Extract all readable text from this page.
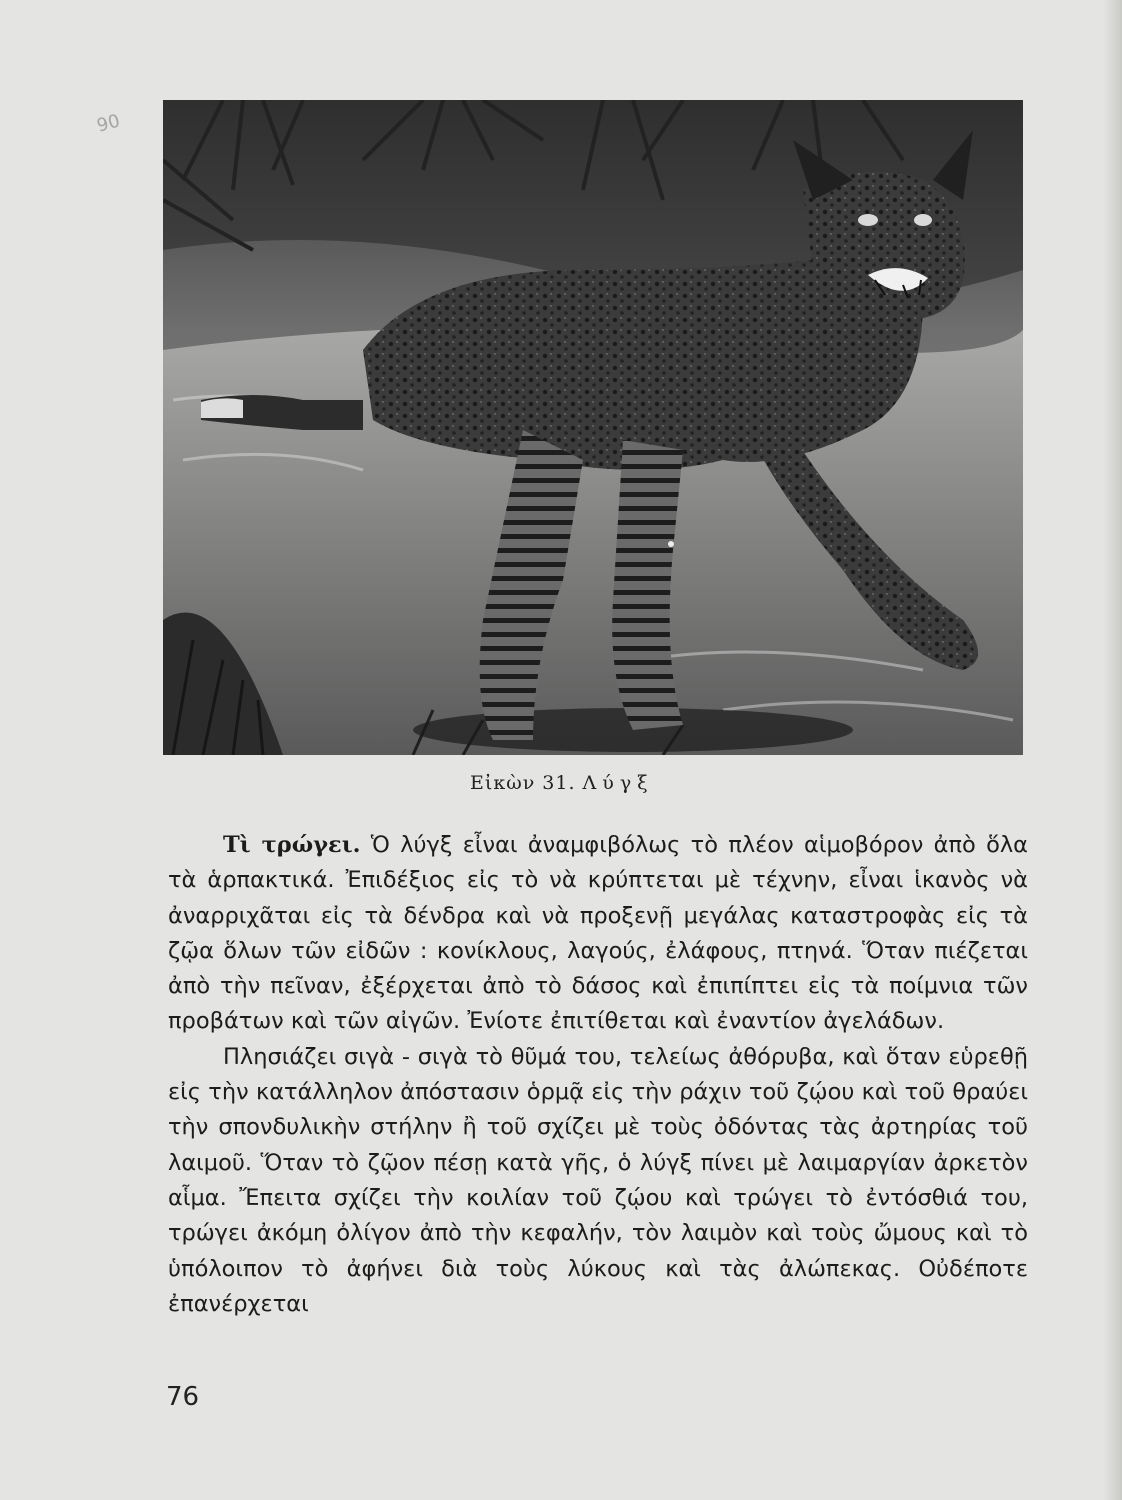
90
Εἰκὼν 31. Λύγξ

Τὶ τρώγει. Ὁ λύγξ εἶναι ἀναμφιβόλως τὸ πλέον αἱμοβόρον ἀπὸ ὅλα τὰ ἁρπακτικά. Ἐπιδέξιος εἰς τὸ νὰ κρύπτεται μὲ τέχνην, εἶναι ἱκανὸς νὰ ἀναρριχᾶται εἰς τὰ δένδρα καὶ νὰ προξενῇ μεγάλας καταστροφὰς εἰς τὰ ζῷα ὅλων τῶν εἰδῶν : κονίκλους, λαγούς, ἐλάφους, πτηνά. Ὅταν πιέζεται ἀπὸ τὴν πεῖναν, ἐξέρχεται ἀπὸ τὸ δάσος καὶ ἐπιπίπτει εἰς τὰ ποίμνια τῶν προβάτων καὶ τῶν αἰγῶν. Ἐνίοτε ἐπιτίθεται καὶ ἐναντίον ἀγελάδων.

Πλησιάζει σιγὰ - σιγὰ τὸ θῦμά του, τελείως ἀθόρυβα, καὶ ὅταν εὑρεθῇ εἰς τὴν κατάλληλον ἀπόστασιν ὁρμᾷ εἰς τὴν ράχιν τοῦ ζῴου καὶ τοῦ θραύει τὴν σπονδυλικὴν στήλην ἢ τοῦ σχίζει μὲ τοὺς ὀδόντας τὰς ἀρτηρίας τοῦ λαιμοῦ. Ὅταν τὸ ζῷον πέσῃ κατὰ γῆς, ὁ λύγξ πίνει μὲ λαιμαργίαν ἀρκετὸν αἷμα. Ἔπειτα σχίζει τὴν κοιλίαν τοῦ ζῴου καὶ τρώγει τὸ ἐντόσθιά του, τρώγει ἀκόμη ὀλίγον ἀπὸ τὴν κεφαλήν, τὸν λαιμὸν καὶ τοὺς ὤμους καὶ τὸ ὑπόλοιπον τὸ ἀφήνει διὰ τοὺς λύκους καὶ τὰς ἀλώπεκας. Οὐδέποτε ἐπανέρχεται

76
